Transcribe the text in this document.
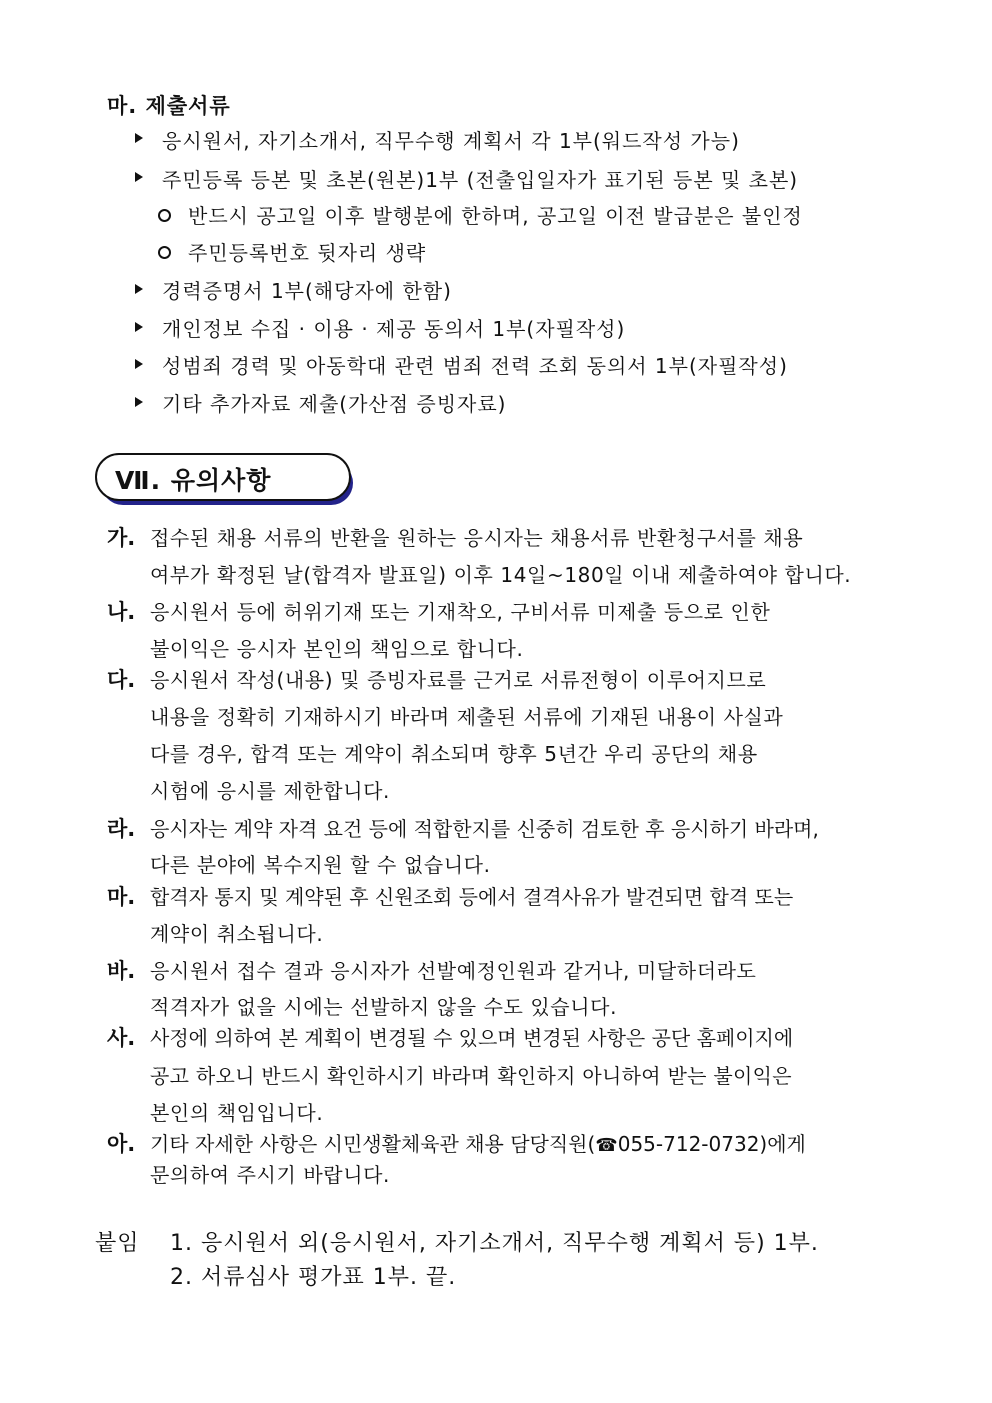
마. 제출서류
응시원서, 자기소개서, 직무수행 계획서 각 1부(워드작성 가능)
주민등록 등본 및 초본(원본)1부 (전출입일자가 표기된 등본 및 초본)
반드시 공고일 이후 발행분에 한하며, 공고일 이전 발급분은 불인정
주민등록번호 뒷자리 생략
경력증명서 1부(해당자에 한함)
개인정보 수집 · 이용 · 제공 동의서 1부(자필작성)
성범죄 경력 및 아동학대 관련 범죄 전력 조회 동의서 1부(자필작성)
기타 추가자료 제출(가산점 증빙자료)
Ⅶ. 유의사항
가. 접수된 채용 서류의 반환을 원하는 응시자는 채용서류 반환청구서를 채용
여부가 확정된 날(합격자 발표일) 이후 14일~180일 이내 제출하여야 합니다.
나. 응시원서 등에 허위기재 또는 기재착오, 구비서류 미제출 등으로 인한
불이익은 응시자 본인의 책임으로 합니다.
다. 응시원서 작성(내용) 및 증빙자료를 근거로 서류전형이 이루어지므로
내용을 정확히 기재하시기 바라며 제출된 서류에 기재된 내용이 사실과
다를 경우, 합격 또는 계약이 취소되며 향후 5년간 우리 공단의 채용
시험에 응시를 제한합니다.
라. 응시자는 계약 자격 요건 등에 적합한지를 신중히 검토한 후 응시하기 바라며,
다른 분야에 복수지원 할 수 없습니다.
마. 합격자 통지 및 계약된 후 신원조회 등에서 결격사유가 발견되면 합격 또는
계약이 취소됩니다.
바. 응시원서 접수 결과 응시자가 선발예정인원과 같거나, 미달하더라도
적격자가 없을 시에는 선발하지 않을 수도 있습니다.
사. 사정에 의하여 본 계획이 변경될 수 있으며 변경된 사항은 공단 홈페이지에
공고 하오니 반드시 확인하시기 바라며 확인하지 아니하여 받는 불이익은
본인의 책임입니다.
아. 기타 자세한 사항은 시민생활체육관 채용 담당직원(☎055-712-0732)에게
문의하여 주시기 바랍니다.
붙임 1. 응시원서 외(응시원서, 자기소개서, 직무수행 계획서 등) 1부.
2. 서류심사 평가표 1부. 끝.
